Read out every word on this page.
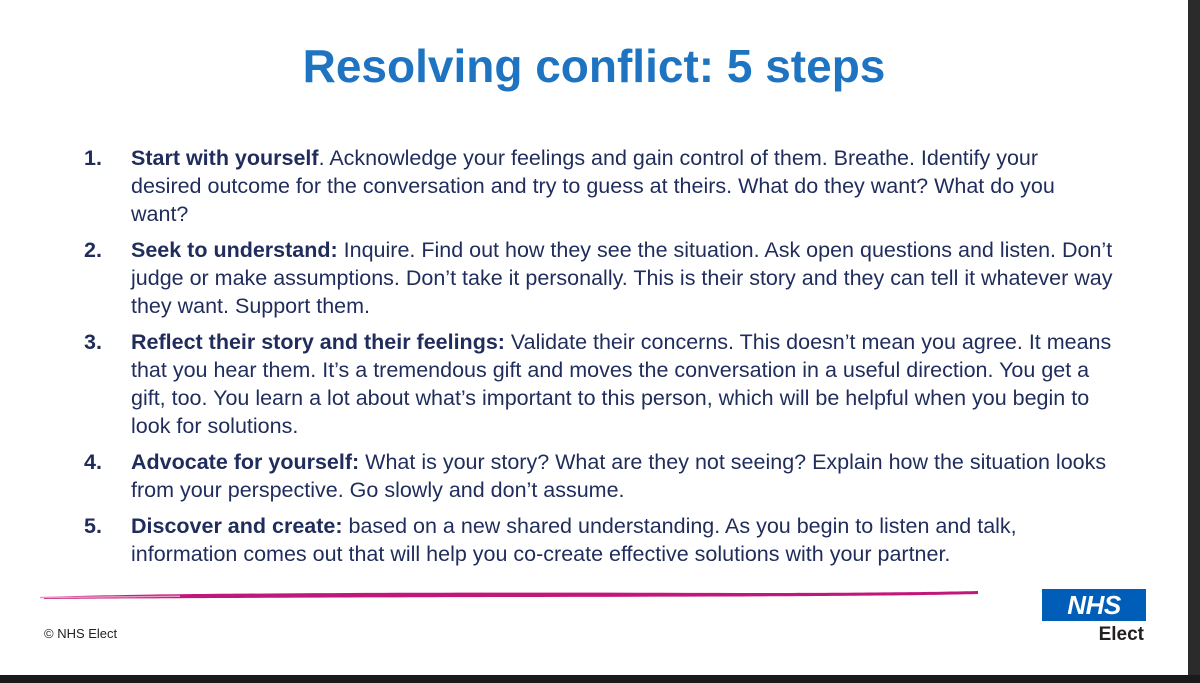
Resolving conflict: 5 steps
1. Start with yourself. Acknowledge your feelings and gain control of them. Breathe. Identify your desired outcome for the conversation and try to guess at theirs. What do they want? What do you want?
2. Seek to understand: Inquire. Find out how they see the situation. Ask open questions and listen. Don’t judge or make assumptions. Don’t take it personally. This is their story and they can tell it whatever way they want. Support them.
3. Reflect their story and their feelings: Validate their concerns. This doesn’t mean you agree. It means that you hear them. It’s a tremendous gift and moves the conversation in a useful direction. You get a gift, too. You learn a lot about what’s important to this person, which will be helpful when you begin to look for solutions.
4. Advocate for yourself: What is your story? What are they not seeing? Explain how the situation looks from your perspective. Go slowly and don’t assume.
5. Discover and create: based on a new shared understanding. As you begin to listen and talk, information comes out that will help you co-create effective solutions with your partner.
© NHS Elect
NHS
Elect
